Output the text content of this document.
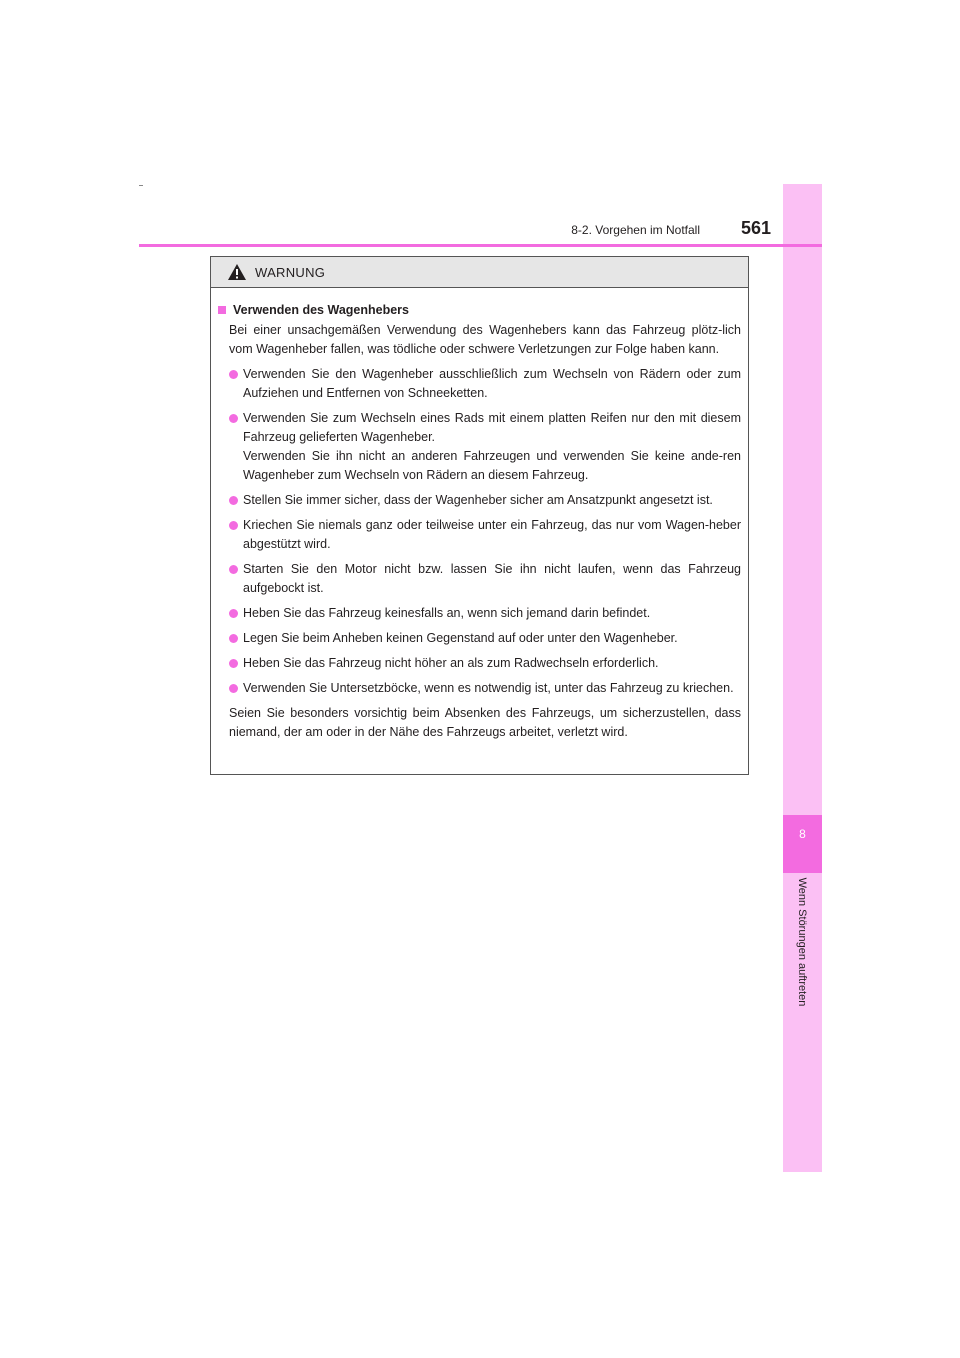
8
Wenn Störungen auftreten
8-2. Vorgehen im Notfall 561
WARNUNG
Verwenden des Wagenhebers
Bei einer unsachgemäßen Verwendung des Wagenhebers kann das Fahrzeug plötz-lich vom Wagenheber fallen, was tödliche oder schwere Verletzungen zur Folge haben kann.
Verwenden Sie den Wagenheber ausschließlich zum Wechseln von Rädern oder zum Aufziehen und Entfernen von Schneeketten.
Verwenden Sie zum Wechseln eines Rads mit einem platten Reifen nur den mit diesem Fahrzeug gelieferten Wagenheber.
Verwenden Sie ihn nicht an anderen Fahrzeugen und verwenden Sie keine ande-ren Wagenheber zum Wechseln von Rädern an diesem Fahrzeug.
Stellen Sie immer sicher, dass der Wagenheber sicher am Ansatzpunkt angesetzt ist.
Kriechen Sie niemals ganz oder teilweise unter ein Fahrzeug, das nur vom Wagen-heber abgestützt wird.
Starten Sie den Motor nicht bzw. lassen Sie ihn nicht laufen, wenn das Fahrzeug aufgebockt ist.
Heben Sie das Fahrzeug keinesfalls an, wenn sich jemand darin befindet.
Legen Sie beim Anheben keinen Gegenstand auf oder unter den Wagenheber.
Heben Sie das Fahrzeug nicht höher an als zum Radwechseln erforderlich.
Verwenden Sie Untersetzböcke, wenn es notwendig ist, unter das Fahrzeug zu kriechen.
Seien Sie besonders vorsichtig beim Absenken des Fahrzeugs, um sicherzustellen, dass niemand, der am oder in der Nähe des Fahrzeugs arbeitet, verletzt wird.
